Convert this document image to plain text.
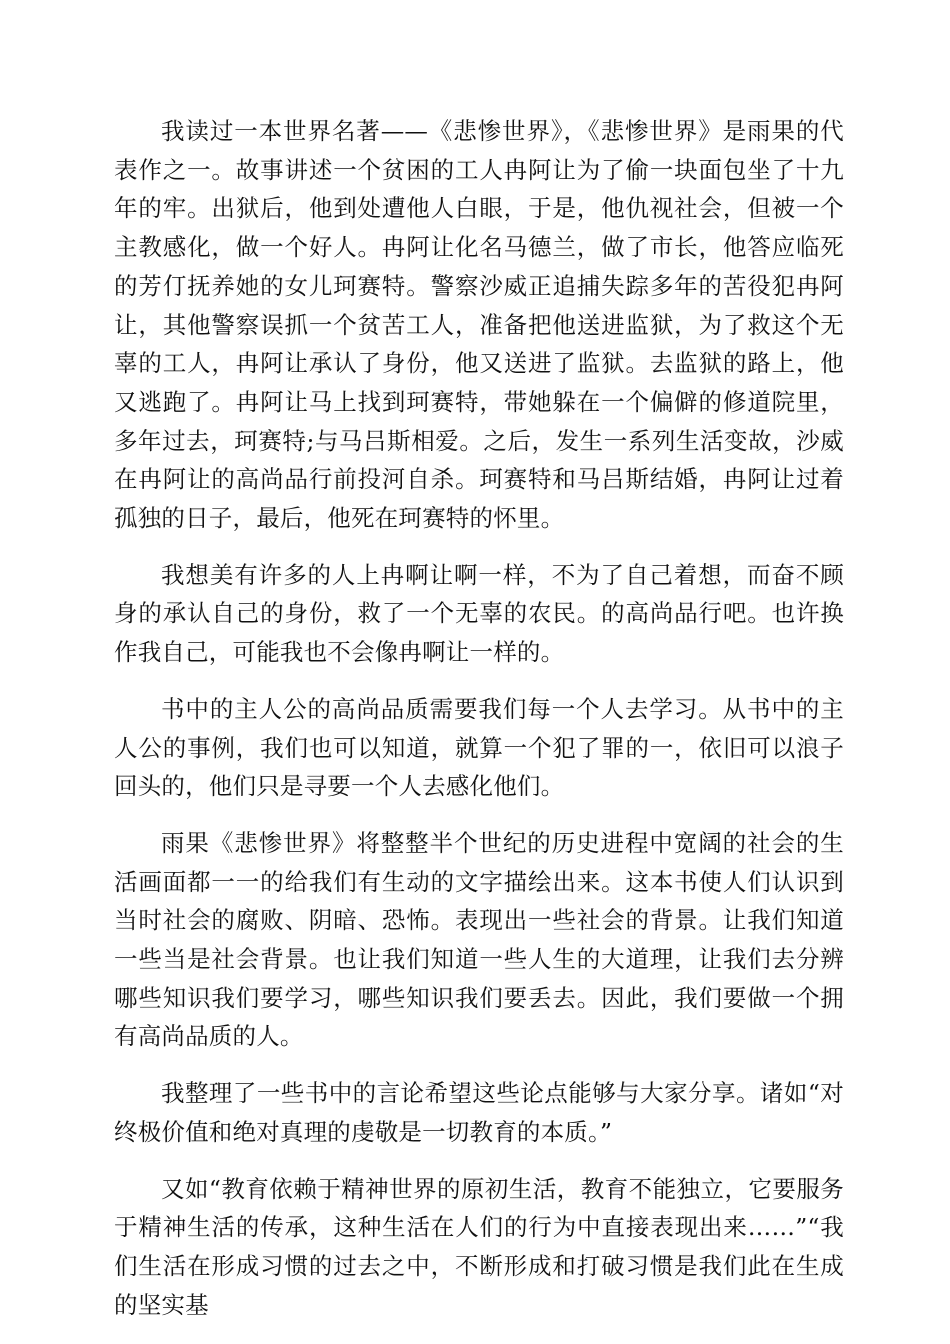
我读过一本世界名著——《悲惨世界》，《悲惨世界》是雨果的代表作之一。故事讲述一个贫困的工人冉阿让为了偷一块面包坐了十九年的牢。出狱后，他到处遭他人白眼，于是，他仇视社会，但被一个主教感化，做一个好人。冉阿让化名马德兰，做了市长，他答应临死的芳仃抚养她的女儿珂赛特。警察沙威正追捕失踪多年的苦役犯冉阿让，其他警察误抓一个贫苦工人，准备把他送进监狱，为了救这个无辜的工人，冉阿让承认了身份，他又送进了监狱。去监狱的路上，他又逃跑了。冉阿让马上找到珂赛特，带她躲在一个偏僻的修道院里，多年过去，珂赛特;与马吕斯相爱。之后，发生一系列生活变故，沙威在冉阿让的高尚品行前投河自杀。珂赛特和马吕斯结婚，冉阿让过着孤独的日子，最后，他死在珂赛特的怀里。

我想美有许多的人上冉啊让啊一样，不为了自己着想，而奋不顾身的承认自己的身份，救了一个无辜的农民。的高尚品行吧。也许换作我自己，可能我也不会像冉啊让一样的。

书中的主人公的高尚品质需要我们每一个人去学习。从书中的主人公的事例，我们也可以知道，就算一个犯了罪的一，依旧可以浪子回头的，他们只是寻要一个人去感化他们。

雨果《悲惨世界》将整整半个世纪的历史进程中宽阔的社会的生活画面都一一的给我们有生动的文字描绘出来。这本书使人们认识到当时社会的腐败、阴暗、恐怖。表现出一些社会的背景。让我们知道一些当是社会背景。也让我们知道一些人生的大道理，让我们去分辨哪些知识我们要学习，哪些知识我们要丢去。因此，我们要做一个拥有高尚品质的人。

我整理了一些书中的言论希望这些论点能够与大家分享。诸如“对终极价值和绝对真理的虔敬是一切教育的本质。”

又如“教育依赖于精神世界的原初生活，教育不能独立，它要服务于精神生活的传承，这种生活在人们的行为中直接表现出来……”“我们生活在形成习惯的过去之中，不断形成和打破习惯是我们此在生成的坚实基
